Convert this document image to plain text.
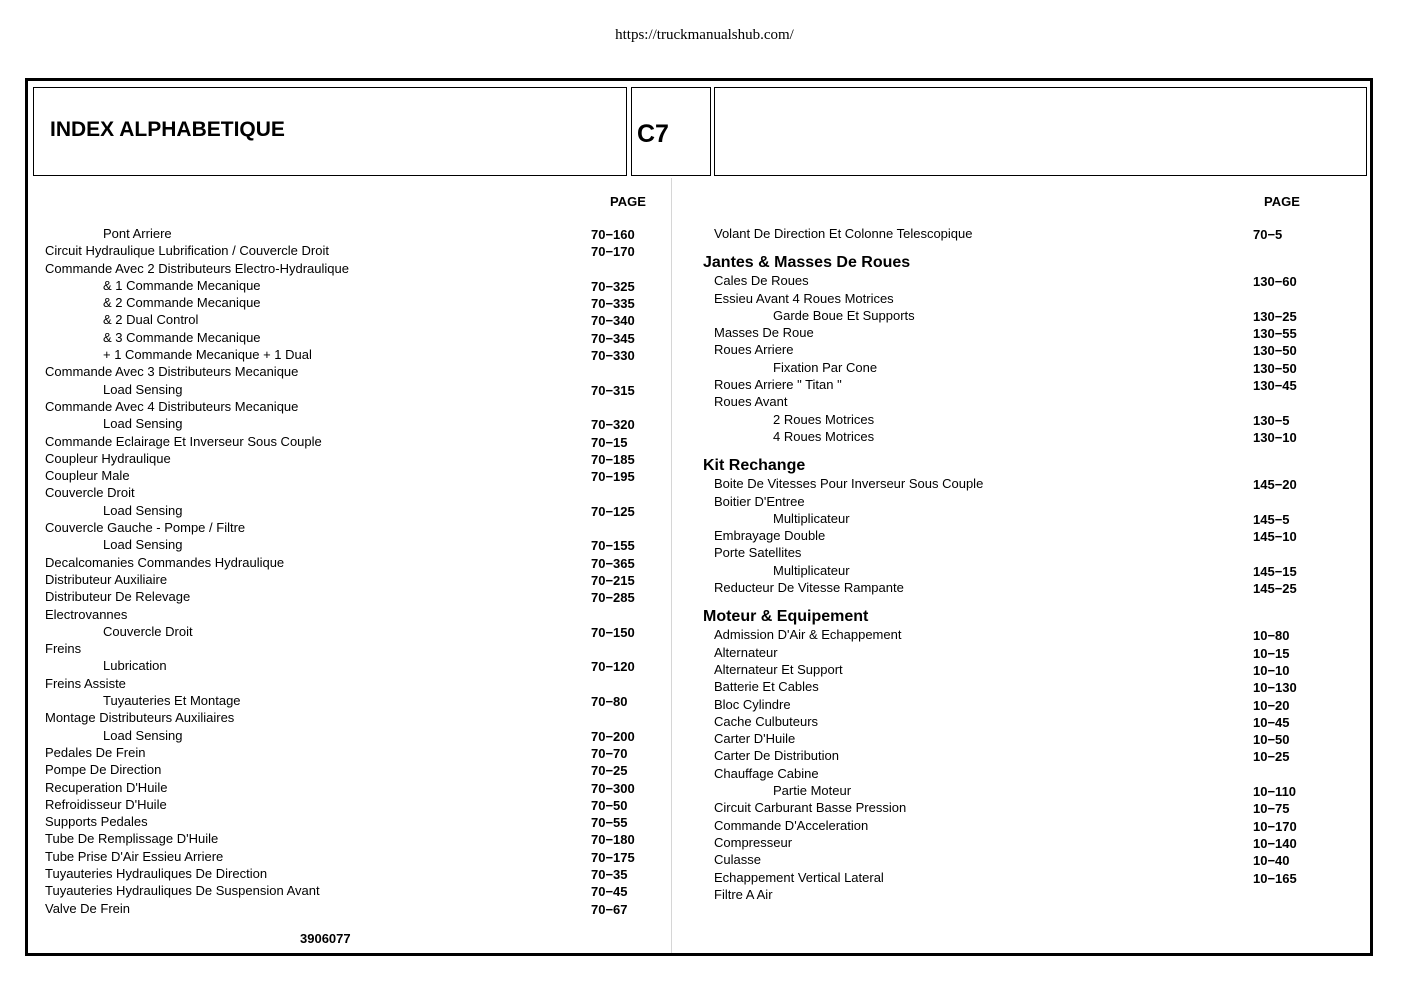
https://truckmanualshub.com/
INDEX ALPHABETIQUE	C7
PAGE
Pont Arriere	70−160
Circuit Hydraulique Lubrification / Couvercle Droit	70−170
Commande Avec 2 Distributeurs Electro-Hydraulique
& 1 Commande Mecanique	70−325
& 2 Commande Mecanique	70−335
& 2 Dual Control	70−340
& 3 Commande Mecanique	70−345
+ 1 Commande Mecanique + 1 Dual	70−330
Commande Avec 3 Distributeurs Mecanique
Load Sensing	70−315
Commande Avec 4 Distributeurs Mecanique
Load Sensing	70−320
Commande Eclairage Et Inverseur Sous Couple	70−15
Coupleur Hydraulique	70−185
Coupleur Male	70−195
Couvercle Droit
Load Sensing	70−125
Couvercle Gauche - Pompe / Filtre
Load Sensing	70−155
Decalcomanies Commandes Hydraulique	70−365
Distributeur Auxiliaire	70−215
Distributeur De Relevage	70−285
Electrovannes
Couvercle Droit	70−150
Freins
Lubrication	70−120
Freins Assiste
Tuyauteries Et Montage	70−80
Montage Distributeurs Auxiliaires
Load Sensing	70−200
Pedales De Frein	70−70
Pompe De Direction	70−25
Recuperation D'Huile	70−300
Refroidisseur D'Huile	70−50
Supports Pedales	70−55
Tube De Remplissage D'Huile	70−180
Tube Prise D'Air Essieu Arriere	70−175
Tuyauteries Hydrauliques De Direction	70−35
Tuyauteries Hydrauliques De Suspension Avant	70−45
Valve De Frein	70−67
PAGE
Volant De Direction Et Colonne Telescopique	70−5
Jantes & Masses De Roues
Cales De Roues	130−60
Essieu Avant 4 Roues Motrices
Garde Boue Et Supports	130−25
Masses De Roue	130−55
Roues Arriere	130−50
Fixation Par Cone	130−50
Roues Arriere " Titan "	130−45
Roues Avant
2 Roues Motrices	130−5
4 Roues Motrices	130−10
Kit Rechange
Boite De Vitesses Pour Inverseur Sous Couple	145−20
Boitier D'Entree
Multiplicateur	145−5
Embrayage Double	145−10
Porte Satellites
Multiplicateur	145−15
Reducteur De Vitesse Rampante	145−25
Moteur & Equipement
Admission D'Air & Echappement	10−80
Alternateur	10−15
Alternateur Et Support	10−10
Batterie Et Cables	10−130
Bloc Cylindre	10−20
Cache Culbuteurs	10−45
Carter D'Huile	10−50
Carter De Distribution	10−25
Chauffage Cabine
Partie Moteur	10−110
Circuit Carburant Basse Pression	10−75
Commande D'Acceleration	10−170
Compresseur	10−140
Culasse	10−40
Echappement Vertical Lateral	10−165
Filtre A Air
3906077
